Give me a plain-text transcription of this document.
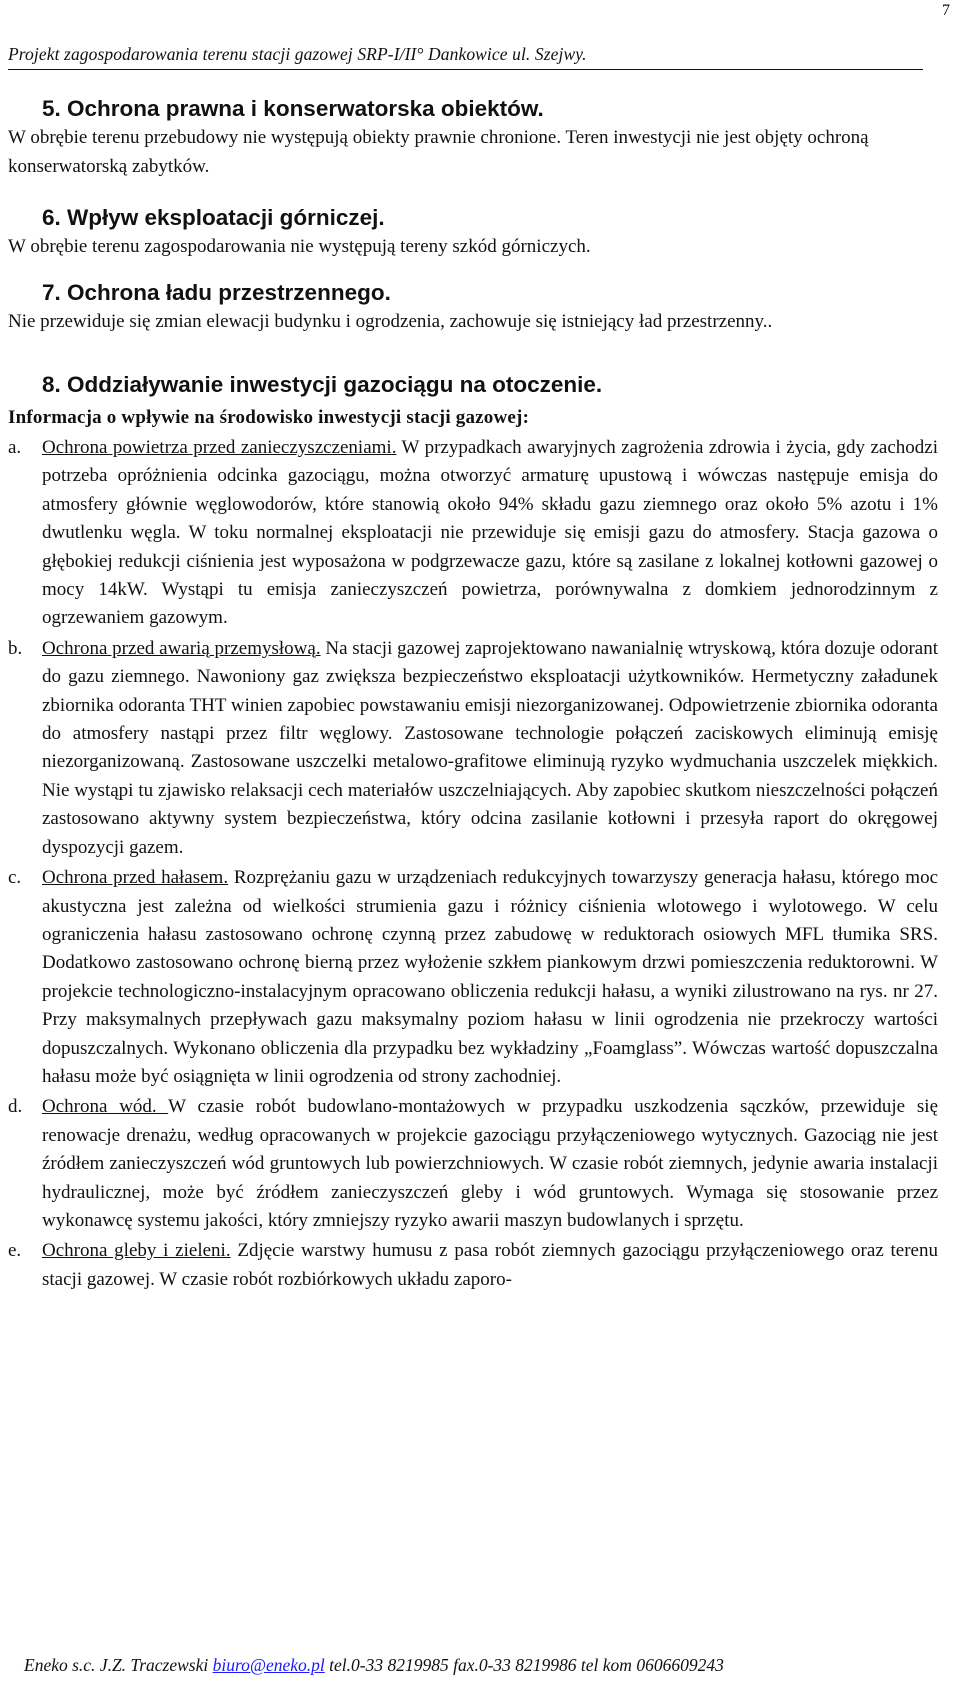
7
Projekt zagospodarowania terenu stacji gazowej SRP-I/II° Dankowice ul. Szejwy.
5. Ochrona prawna i konserwatorska obiektów.

W obrębie terenu przebudowy nie występują obiekty prawnie chronione. Teren inwestycji nie jest objęty ochroną konserwatorską zabytków.

6. Wpływ eksploatacji górniczej.

W obrębie terenu zagospodarowania nie występują tereny szkód górniczych.

7. Ochrona ładu przestrzennego.

Nie przewiduje się zmian elewacji budynku i ogrodzenia, zachowuje się istniejący ład przestrzenny..

8. Oddziaływanie inwestycji gazociągu na otoczenie.

Informacja o wpływie na środowisko inwestycji stacji gazowej:

a.	Ochrona powietrza przed zanieczyszczeniami. W przypadkach awaryjnych zagrożenia zdrowia i życia, gdy zachodzi potrzeba opróżnienia odcinka gazociągu, można otworzyć armaturę upustową i wówczas następuje emisja do atmosfery głównie węglowodorów, które stanowią około 94% składu gazu ziemnego oraz około 5% azotu i 1% dwutlenku węgla. W toku normalnej eksploatacji nie przewiduje się emisji gazu do atmosfery. Stacja gazowa o głębokiej redukcji ciśnienia jest wyposażona w podgrzewacze gazu, które są zasilane z lokalnej kotłowni gazowej o mocy 14kW. Wystąpi tu emisja zanieczyszczeń powietrza, porównywalna z domkiem jednorodzinnym z ogrzewaniem gazowym.
b.	Ochrona przed awarią przemysłową. Na stacji gazowej zaprojektowano nawanialnię wtryskową, która dozuje odorant do gazu ziemnego. Nawoniony gaz zwiększa bezpieczeństwo eksploatacji użytkowników. Hermetyczny załadunek zbiornika odoranta THT winien zapobiec powstawaniu emisji niezorganizowanej. Odpowietrzenie zbiornika odoranta do atmosfery nastąpi przez filtr węglowy. Zastosowane technologie połączeń zaciskowych eliminują emisję niezorganizowaną. Zastosowane uszczelki metalowo-grafitowe eliminują ryzyko wydmuchania uszczelek miękkich. Nie wystąpi tu zjawisko relaksacji cech materiałów uszczelniających. Aby zapobiec skutkom nieszczelności połączeń zastosowano aktywny system bezpieczeństwa, który odcina zasilanie kotłowni i przesyła raport do okręgowej dyspozycji gazem.
c.	Ochrona przed hałasem. Rozprężaniu gazu w urządzeniach redukcyjnych towarzyszy generacja hałasu, którego moc akustyczna jest zależna od wielkości strumienia gazu i różnicy ciśnienia wlotowego i wylotowego. W celu ograniczenia hałasu zastosowano ochronę czynną przez zabudowę w reduktorach osiowych MFL tłumika SRS. Dodatkowo zastosowano ochronę bierną przez wyłożenie szkłem piankowym drzwi pomieszczenia reduktorowni. W projekcie technologiczno-instalacyjnym opracowano obliczenia redukcji hałasu, a wyniki zilustrowano na rys. nr 27. Przy maksymalnych przepływach gazu maksymalny poziom hałasu w linii ogrodzenia nie przekroczy wartości dopuszczalnych. Wykonano obliczenia dla przypadku bez wykładziny „Foamglass”. Wówczas wartość dopuszczalna hałasu może być osiągnięta w linii ogrodzenia od strony zachodniej.
d.	Ochrona wód. W czasie robót budowlano-montażowych w przypadku uszkodzenia sączków, przewiduje się renowacje drenażu, według opracowanych w projekcie gazociągu przyłączeniowego wytycznych. Gazociąg nie jest źródłem zanieczyszczeń wód gruntowych lub powierzchniowych. W czasie robót ziemnych, jedynie awaria instalacji hydraulicznej, może być źródłem zanieczyszczeń gleby i wód gruntowych. Wymaga się stosowanie przez wykonawcę systemu jakości, który zmniejszy ryzyko awarii maszyn budowlanych i sprzętu.
e.	Ochrona gleby i zieleni. Zdjęcie warstwy humusu z pasa robót ziemnych gazociągu przyłączeniowego oraz terenu stacji gazowej. W czasie robót rozbiórkowych układu zaporo-
Eneko s.c. J.Z. Traczewski biuro@eneko.pl tel.0-33 8219985 fax.0-33 8219986 tel kom 0606609243
